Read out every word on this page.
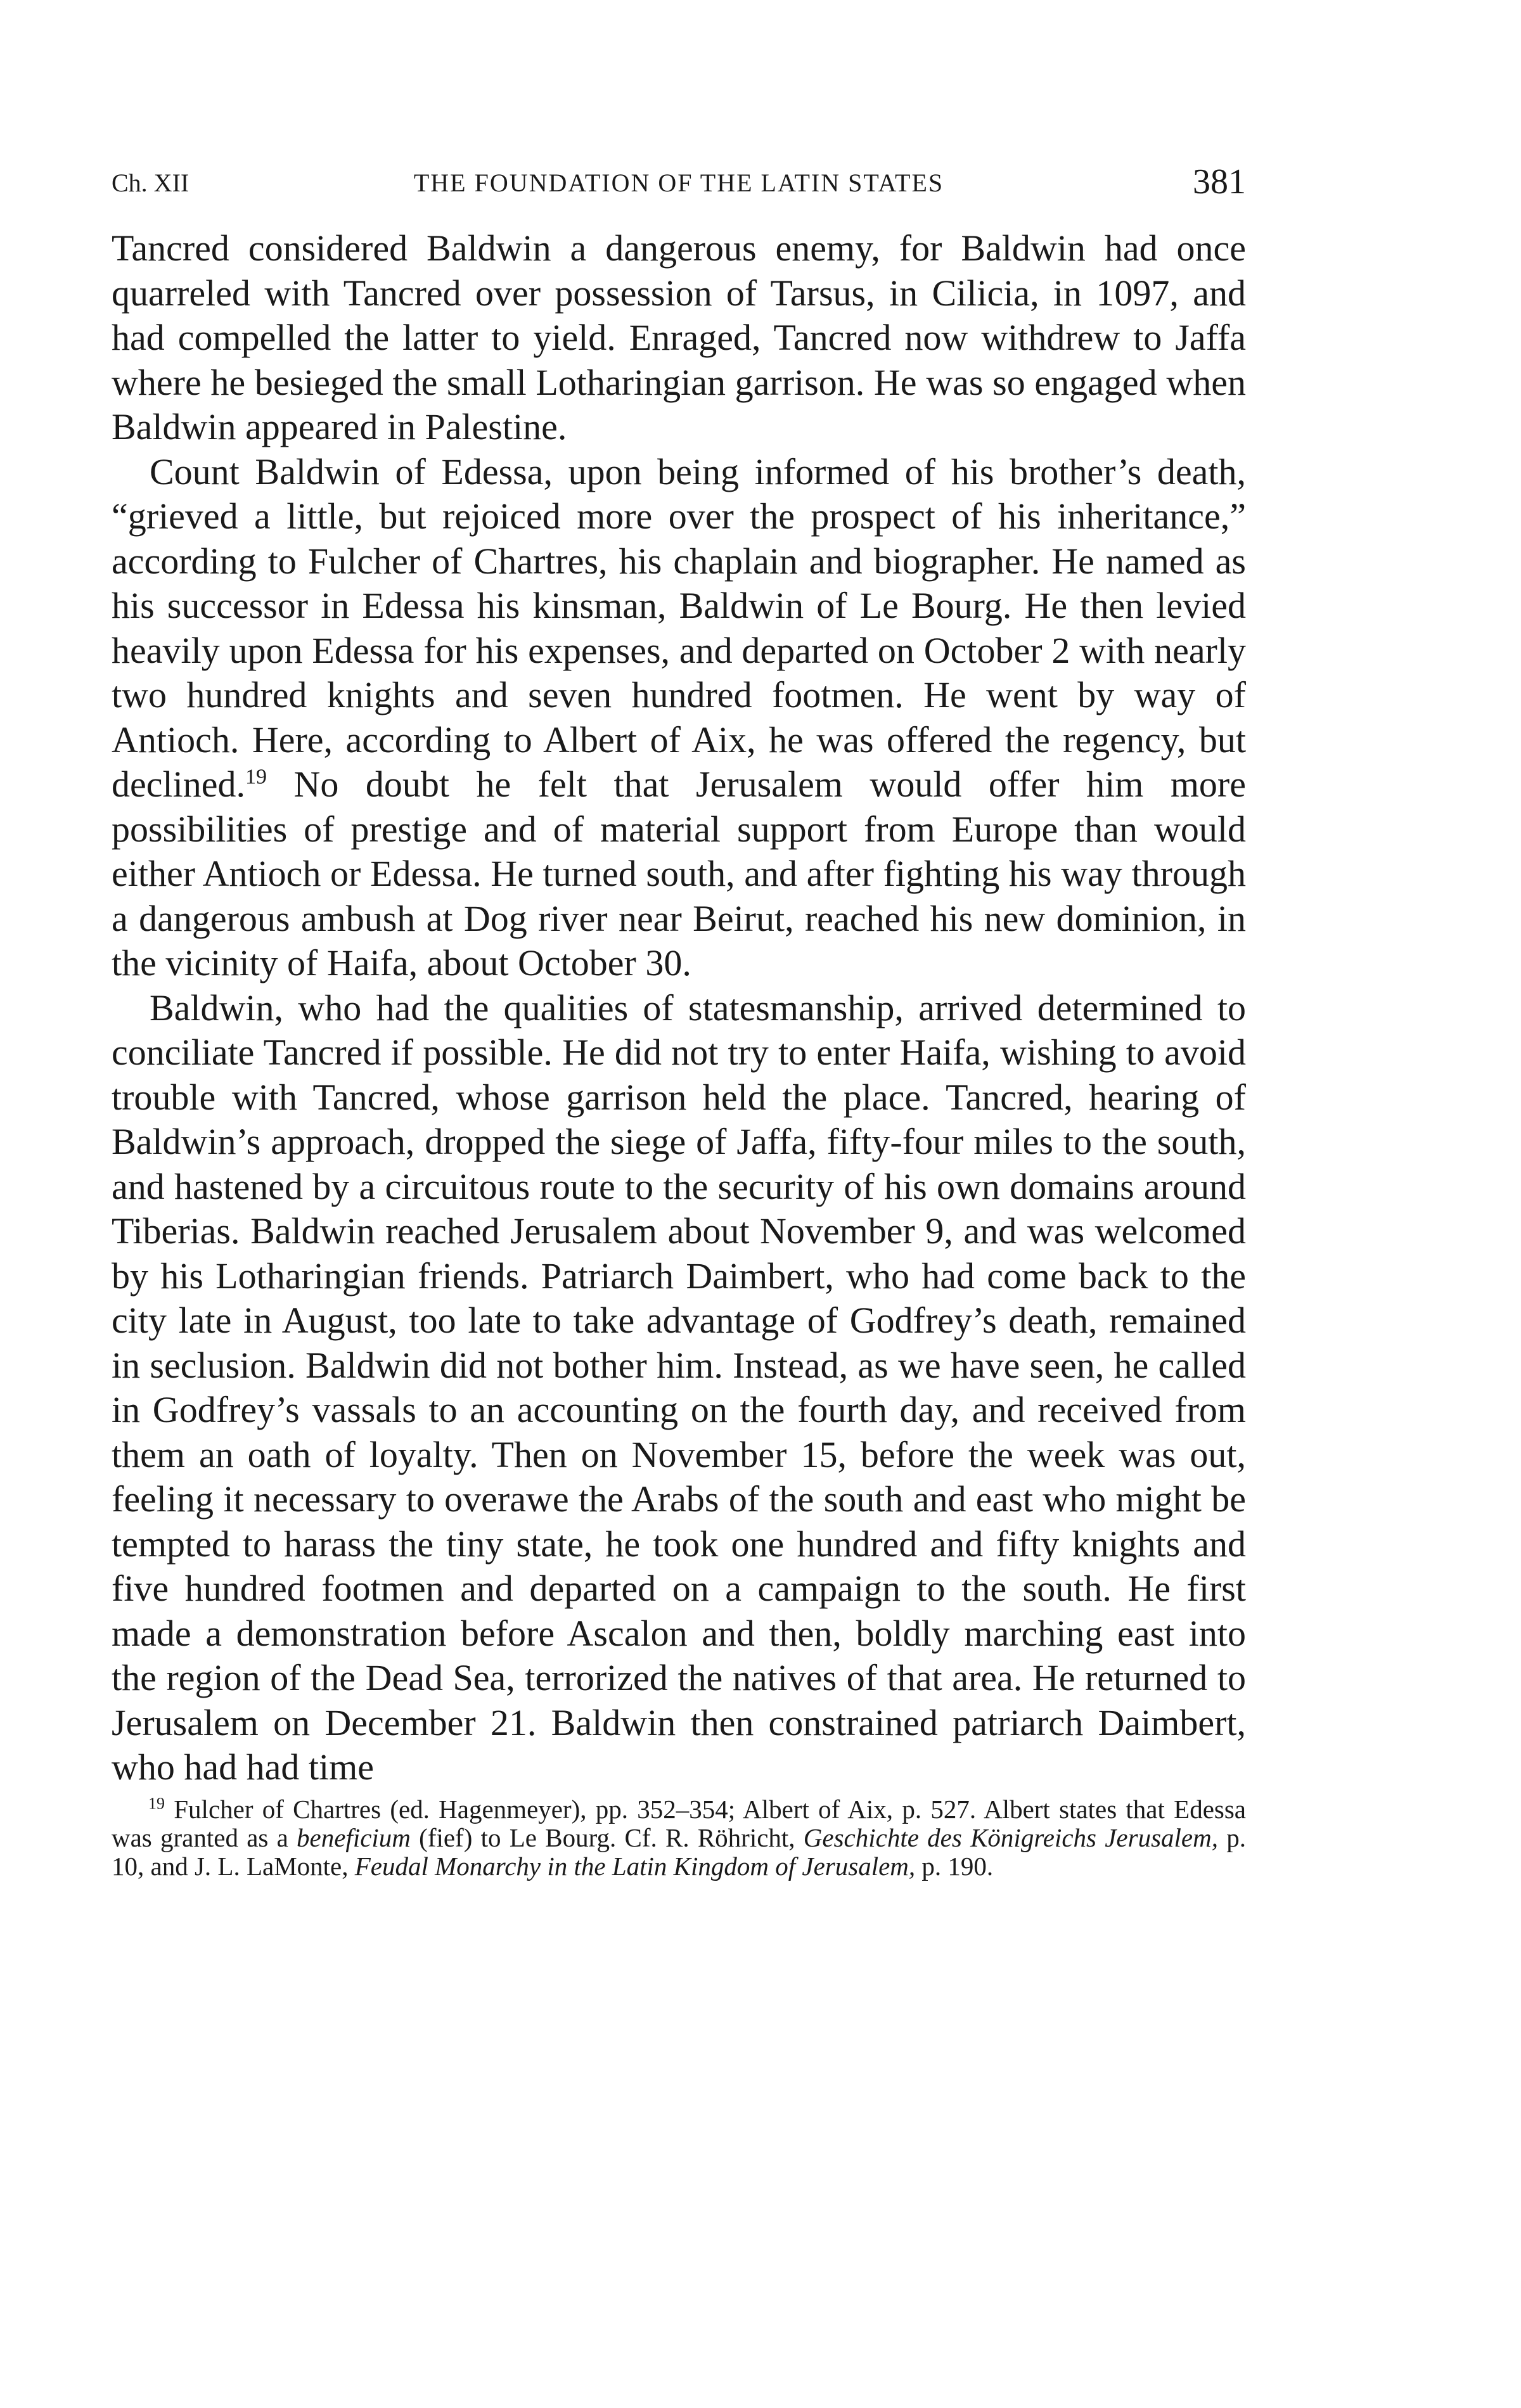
Ch. XII	THE FOUNDATION OF THE LATIN STATES	381

Tancred considered Baldwin a dangerous enemy, for Baldwin had once quarreled with Tancred over possession of Tarsus, in Cilicia, in 1097, and had compelled the latter to yield. Enraged, Tancred now withdrew to Jaffa where he besieged the small Lotharingian garrison. He was so engaged when Baldwin appeared in Palestine.

Count Baldwin of Edessa, upon being informed of his brother’s death, “grieved a little, but rejoiced more over the prospect of his inheritance,” according to Fulcher of Chartres, his chaplain and biographer. He named as his successor in Edessa his kinsman, Baldwin of Le Bourg. He then levied heavily upon Edessa for his expenses, and departed on October 2 with nearly two hundred knights and seven hundred footmen. He went by way of Antioch. Here, according to Albert of Aix, he was offered the regency, but declined.$^{19}$ No doubt he felt that Jerusalem would offer him more possibilities of prestige and of material support from Europe than would either Antioch or Edessa. He turned south, and after fighting his way through a dangerous ambush at Dog river near Beirut, reached his new dominion, in the vicinity of Haifa, about October 30.

Baldwin, who had the qualities of statesmanship, arrived determined to conciliate Tancred if possible. He did not try to enter Haifa, wishing to avoid trouble with Tancred, whose garrison held the place. Tancred, hearing of Baldwin’s approach, dropped the siege of Jaffa, fifty-four miles to the south, and hastened by a circuitous route to the security of his own domains around Tiberias. Baldwin reached Jerusalem about November 9, and was welcomed by his Lotharingian friends. Patriarch Daimbert, who had come back to the city late in August, too late to take advantage of Godfrey’s death, remained in seclusion. Baldwin did not bother him. Instead, as we have seen, he called in Godfrey’s vassals to an accounting on the fourth day, and received from them an oath of loyalty. Then on November 15, before the week was out, feeling it necessary to overawe the Arabs of the south and east who might be tempted to harass the tiny state, he took one hundred and fifty knights and five hundred footmen and departed on a campaign to the south. He first made a demonstration before Ascalon and then, boldly marching east into the region of the Dead Sea, terrorized the natives of that area. He returned to Jerusalem on December 21. Baldwin then constrained patriarch Daimbert, who had had time

$^{19}$ Fulcher of Chartres (ed. Hagenmeyer), pp. 352–354; Albert of Aix, p. 527. Albert states that Edessa was granted as a beneficium (fief) to Le Bourg. Cf. R. Röhricht, Geschichte des Königreichs Jerusalem, p. 10, and J. L. LaMonte, Feudal Monarchy in the Latin Kingdom of Jerusalem, p. 190.
